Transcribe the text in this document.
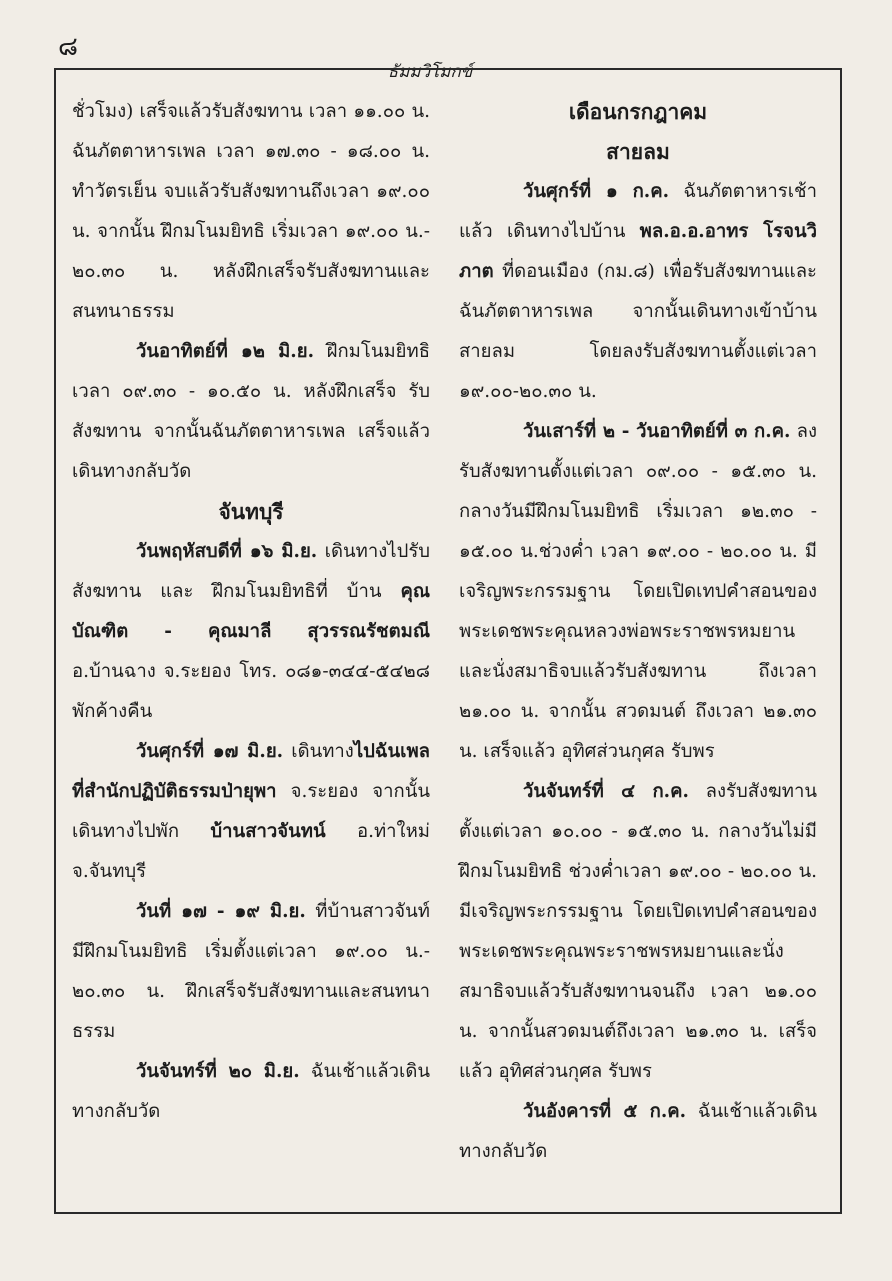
๘
ธัมมวิโมกข์

ชั่วโมง) เสร็จแล้วรับสังฆทาน เวลา ๑๑.๐๐ น. ฉันภัตตาหารเพล เวลา ๑๗.๓๐ - ๑๘.๐๐ น. ทำวัตรเย็น จบแล้วรับสังฆทานถึงเวลา ๑๙.๐๐ น. จากนั้น ฝึกมโนมยิทธิ เริ่มเวลา ๑๙.๐๐ น.- ๒๐.๓๐ น. หลังฝึกเสร็จรับสังฆทานและสนทนาธรรม

วันอาทิตย์ที่ ๑๒ มิ.ย. ฝึกมโนมยิทธิ เวลา ๐๙.๓๐ - ๑๐.๕๐ น. หลังฝึกเสร็จ รับสังฆทาน จากนั้นฉันภัตตาหารเพล เสร็จแล้วเดินทางกลับวัด

จันทบุรี

วันพฤหัสบดีที่ ๑๖ มิ.ย. เดินทางไปรับสังฆทาน และ ฝึกมโนมยิทธิที่ บ้าน คุณบัณฑิต - คุณมาลี สุวรรณรัชตมณี อ.บ้านฉาง จ.ระยอง โทร. ๐๘๑-๓๔๔-๕๔๒๘ พักค้างคืน

วันศุกร์ที่ ๑๗ มิ.ย. เดินทางไปฉันเพลที่สำนักปฏิบัติธรรมป่ายุพา จ.ระยอง จากนั้นเดินทางไปพัก บ้านสาวจันทน์ อ.ท่าใหม่ จ.จันทบุรี

วันที่ ๑๗ - ๑๙ มิ.ย. ที่บ้านสาวจันท์ มีฝึกมโนมยิทธิ เริ่มตั้งแต่เวลา ๑๙.๐๐ น.- ๒๐.๓๐ น. ฝึกเสร็จรับสังฆทานและสนทนาธรรม

วันจันทร์ที่ ๒๐ มิ.ย. ฉันเช้าแล้วเดินทางกลับวัด

เดือนกรกฎาคม

สายลม

วันศุกร์ที่ ๑ ก.ค. ฉันภัตตาหารเช้าแล้ว เดินทางไปบ้าน พล.อ.อ.อาทร โรจนวิภาต ที่ดอนเมือง (กม.๘) เพื่อรับสังฆทานและฉันภัตตาหารเพล จากนั้นเดินทางเข้าบ้านสายลม โดยลงรับสังฆทานตั้งแต่เวลา ๑๙.๐๐-๒๐.๓๐ น.

วันเสาร์ที่ ๒ - วันอาทิตย์ที่ ๓ ก.ค. ลงรับสังฆทานตั้งแต่เวลา ๐๙.๐๐ - ๑๕.๓๐ น. กลางวันมีฝึกมโนมยิทธิ เริ่มเวลา ๑๒.๓๐ - ๑๕.๐๐ น.ช่วงค่ำ เวลา ๑๙.๐๐ - ๒๐.๐๐ น. มีเจริญพระกรรมฐาน โดยเปิดเทปคำสอนของพระเดชพระคุณหลวงพ่อพระราชพรหมยาน และนั่งสมาธิจบแล้วรับสังฆทาน ถึงเวลา ๒๑.๐๐ น. จากนั้น สวดมนต์ ถึงเวลา ๒๑.๓๐ น. เสร็จแล้ว อุทิศส่วนกุศล รับพร

วันจันทร์ที่ ๔ ก.ค. ลงรับสังฆทาน ตั้งแต่เวลา ๑๐.๐๐ - ๑๕.๓๐ น. กลางวันไม่มีฝึกมโนมยิทธิ ช่วงค่ำเวลา ๑๙.๐๐ - ๒๐.๐๐ น. มีเจริญพระกรรมฐาน โดยเปิดเทปคำสอนของพระเดชพระคุณพระราชพรหมยานและนั่งสมาธิจบแล้วรับสังฆทานจนถึง เวลา ๒๑.๐๐ น. จากนั้นสวดมนต์ถึงเวลา ๒๑.๓๐ น. เสร็จแล้ว อุทิศส่วนกุศล รับพร

วันอังคารที่ ๕ ก.ค. ฉันเช้าแล้วเดินทางกลับวัด
